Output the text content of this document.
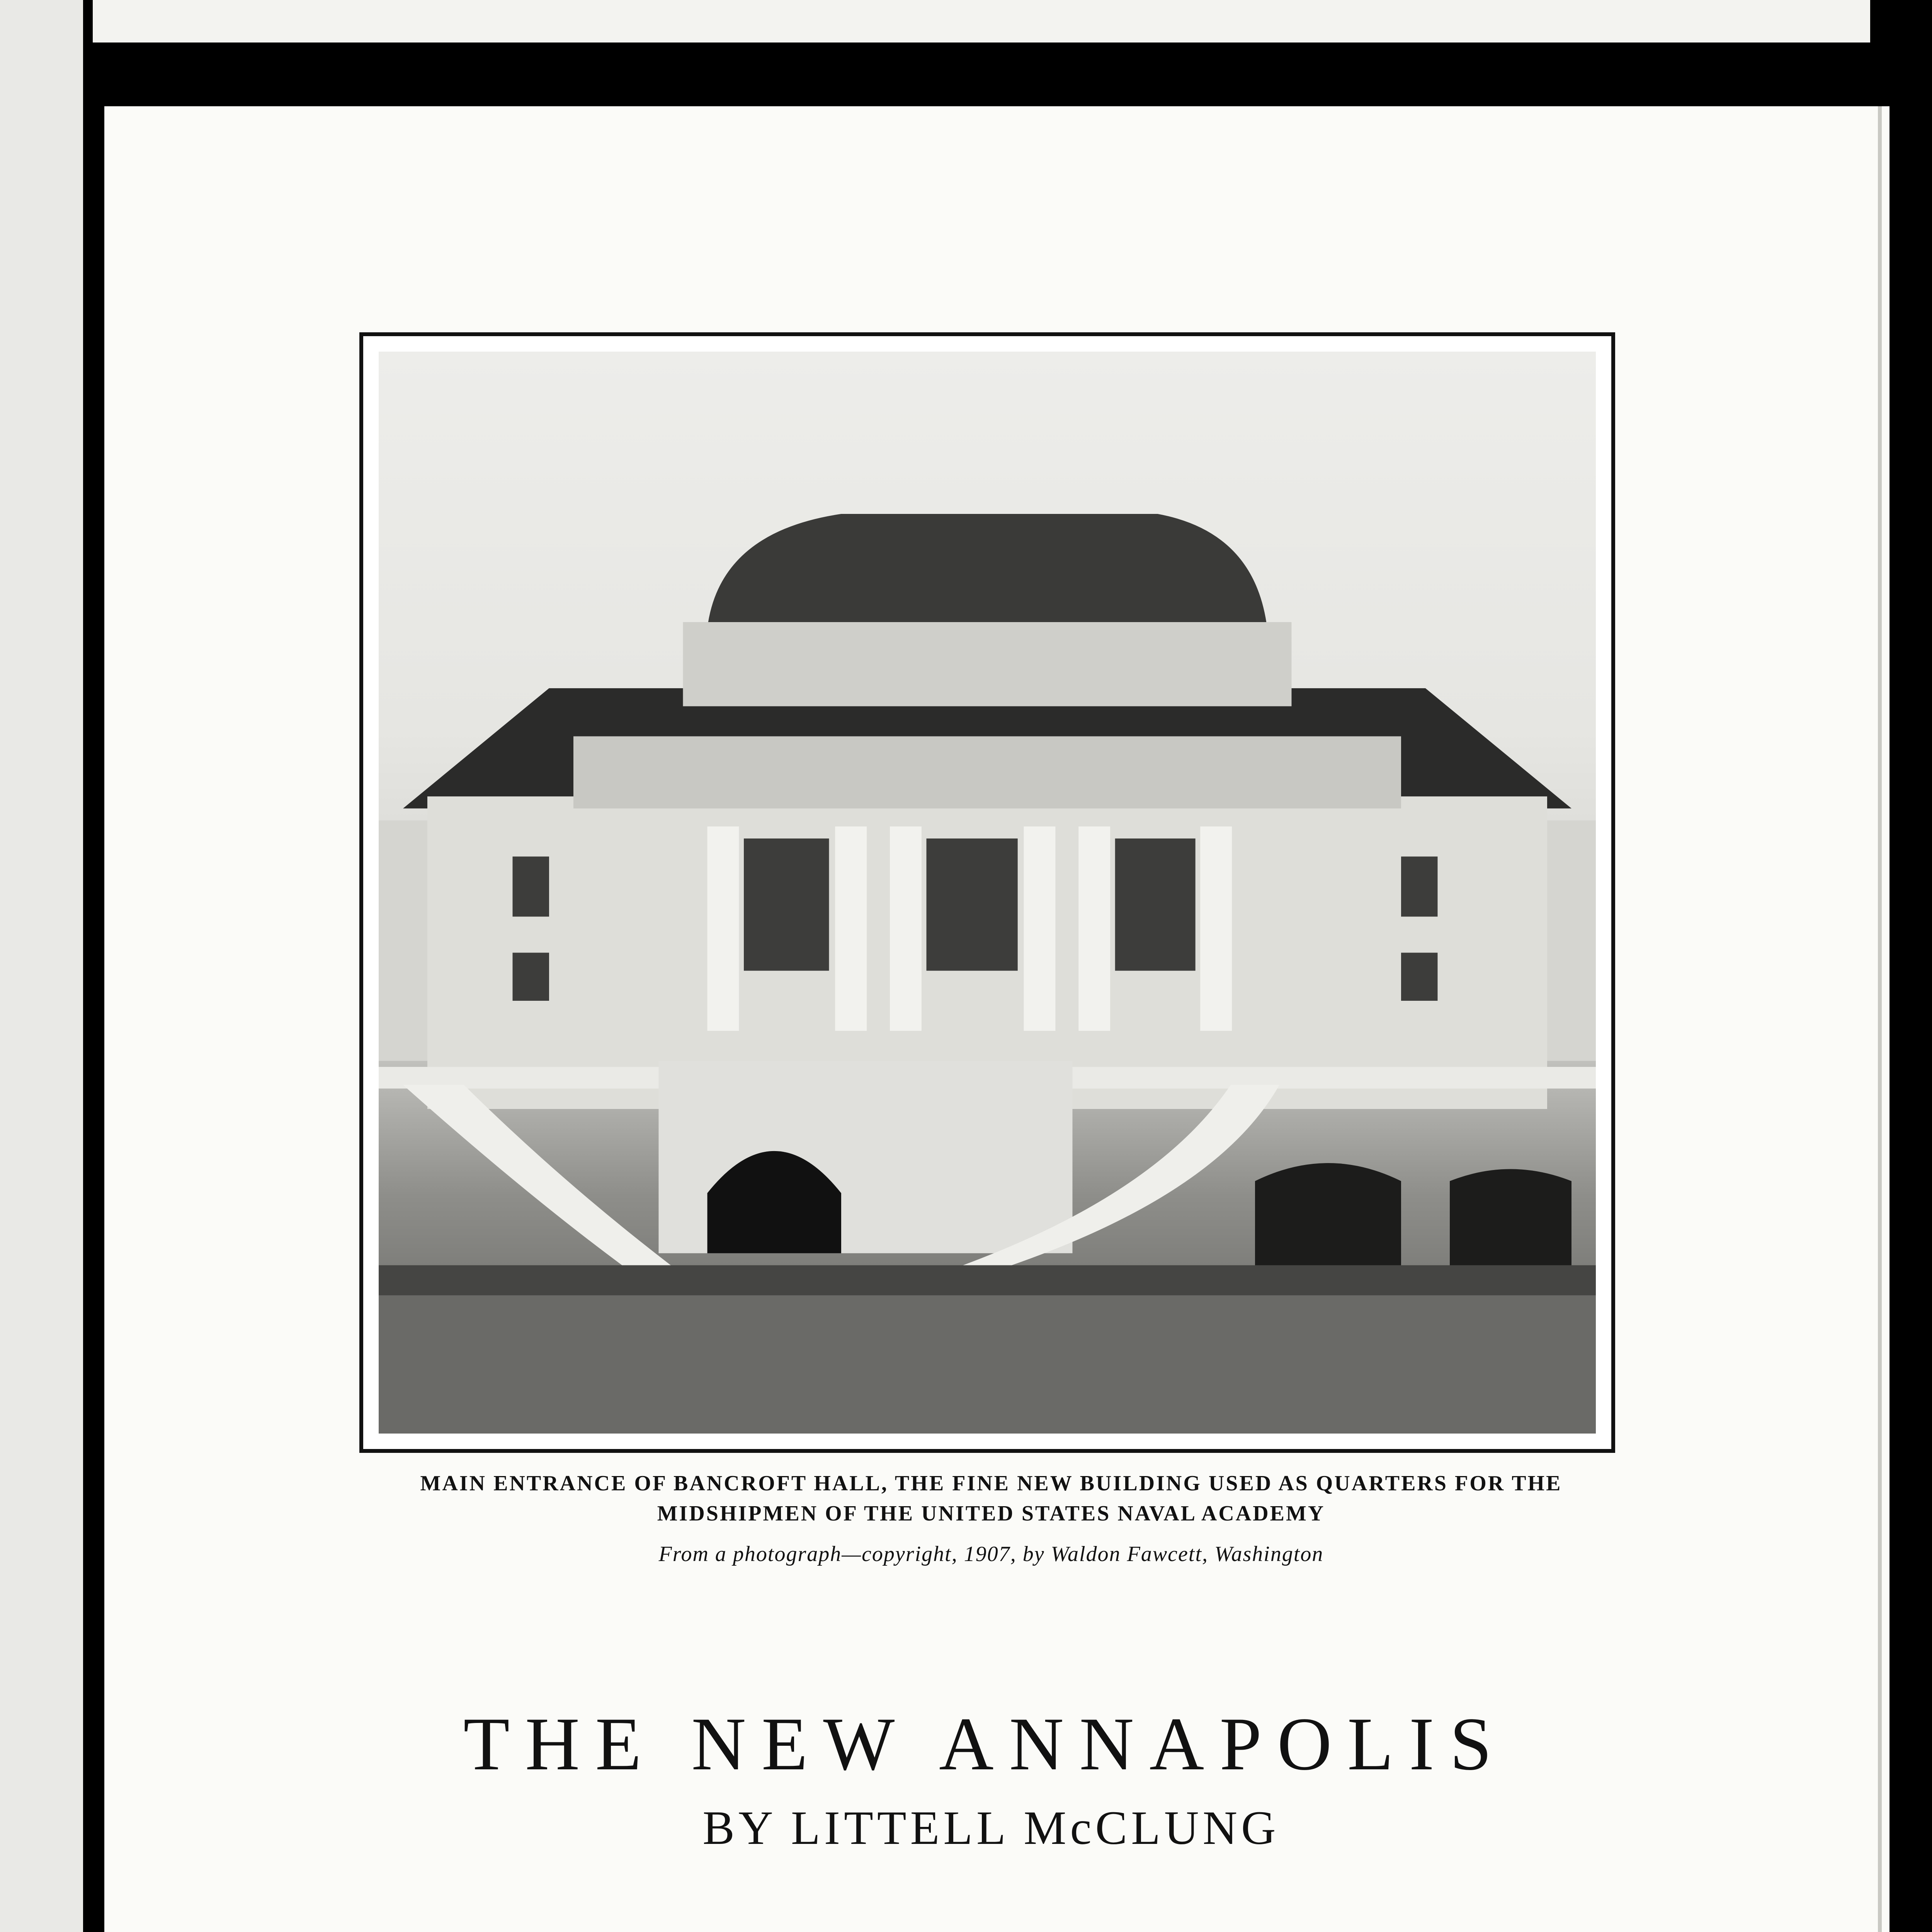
MAIN ENTRANCE OF BANCROFT HALL, THE FINE NEW BUILDING USED AS QUARTERS FOR THE MIDSHIPMEN OF THE UNITED STATES NAVAL ACADEMY
From a photograph—copyright, 1907, by Waldon Fawcett, Washington
THE NEW ANNAPOLIS
BY LITTELL McCLUNG
